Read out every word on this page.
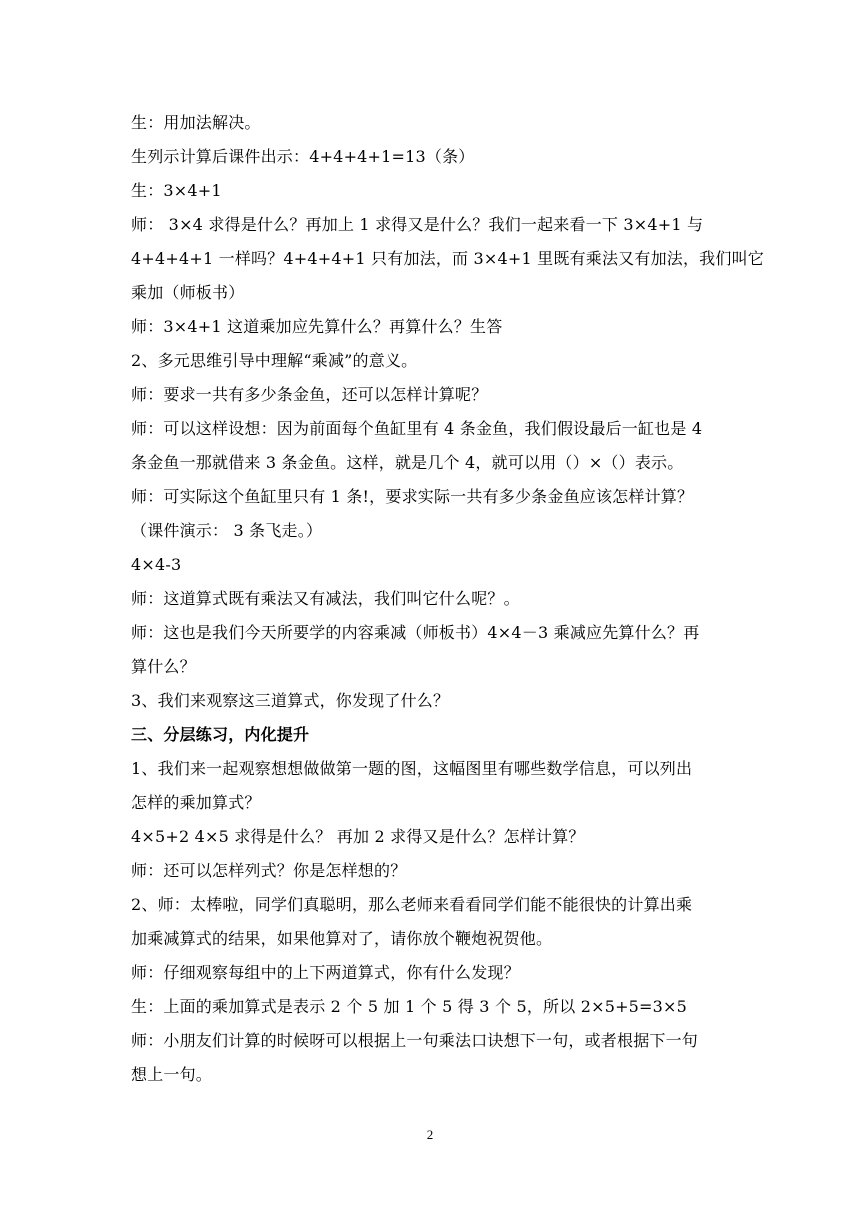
生：用加法解决。
生列示计算后课件出示：4+4+4+1=13（条）
生：3×4+1
师： 3×4 求得是什么？再加上 1 求得又是什么？我们一起来看一下 3×4+1 与
4+4+4+1 一样吗？4+4+4+1 只有加法，而 3×4+1 里既有乘法又有加法，我们叫它
乘加（师板书）
师：3×4+1 这道乘加应先算什么？再算什么？生答
2、多元思维引导中理解“乘减”的意义。
师：要求一共有多少条金鱼，还可以怎样计算呢？
师：可以这样设想：因为前面每个鱼缸里有 4 条金鱼，我们假设最后一缸也是 4
条金鱼一那就借来 3 条金鱼。这样，就是几个 4，就可以用（）×（）表示。
师：可实际这个鱼缸里只有 1 条!，要求实际一共有多少条金鱼应该怎样计算？
（课件演示： 3 条飞走。）
4×4-3
师：这道算式既有乘法又有减法，我们叫它什么呢？。
师：这也是我们今天所要学的内容乘减（师板书）4×4－3 乘减应先算什么？再
算什么？
3、我们来观察这三道算式，你发现了什么？
三、分层练习，内化提升
1、我们来一起观察想想做做第一题的图，这幅图里有哪些数学信息，可以列出
怎样的乘加算式？
4×5+2 4×5 求得是什么？ 再加 2 求得又是什么？怎样计算？
师：还可以怎样列式？你是怎样想的？
2、师：太棒啦，同学们真聪明，那么老师来看看同学们能不能很快的计算出乘
加乘减算式的结果，如果他算对了，请你放个鞭炮祝贺他。
师：仔细观察每组中的上下两道算式，你有什么发现？
生：上面的乘加算式是表示 2 个 5 加 1 个 5 得 3 个 5，所以 2×5+5=3×5
师：小朋友们计算的时候呀可以根据上一句乘法口诀想下一句，或者根据下一句
想上一句。
2
